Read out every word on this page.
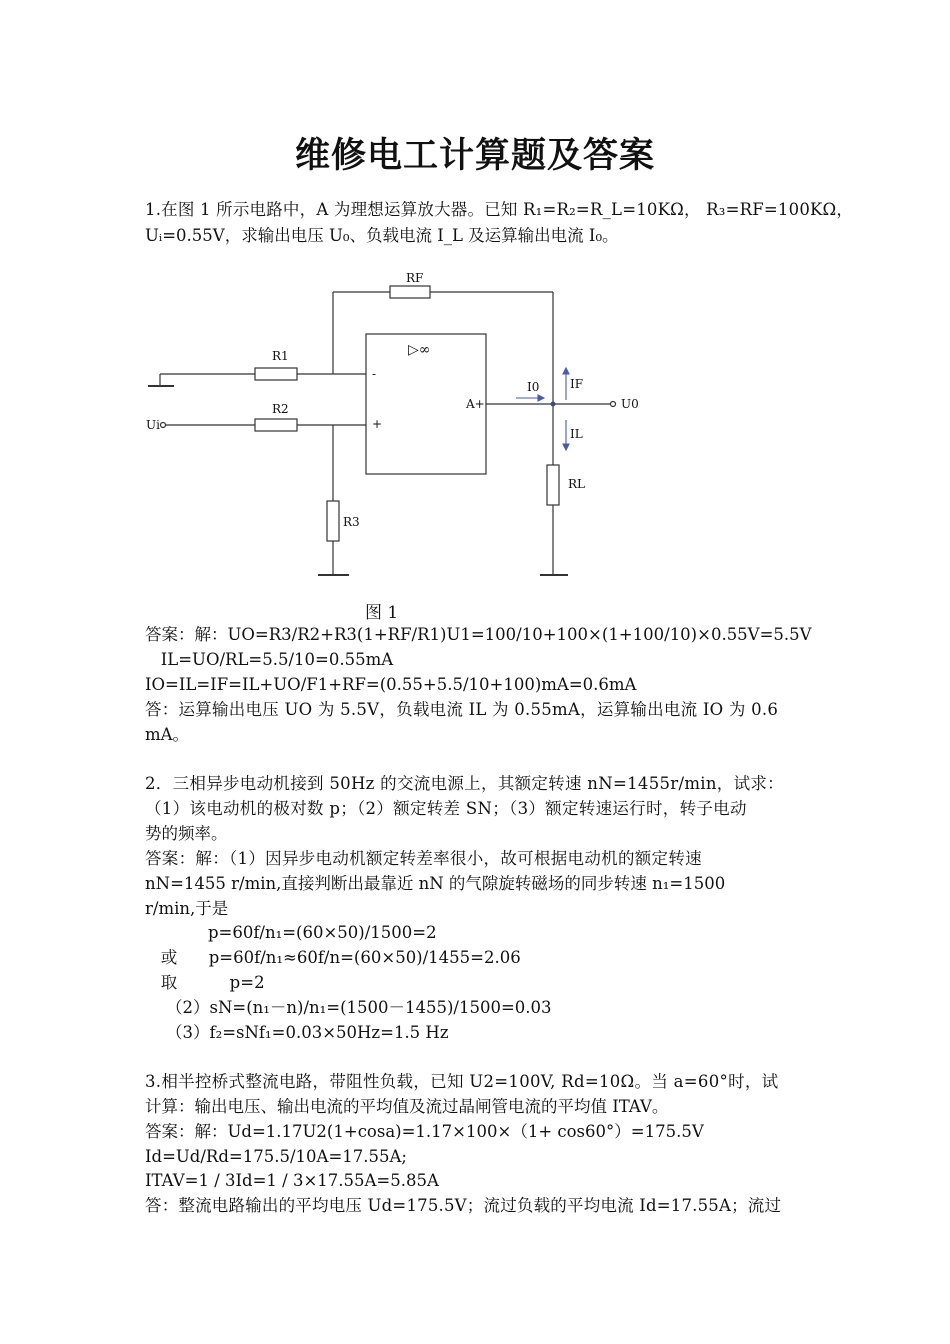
维修电工计算题及答案
1.在图 1 所示电路中，A 为理想运算放大器。已知 R₁=R₂=R_L=10KΩ， R₃=RF=100KΩ，
Uᵢ=0.55V，求输出电压 U₀、负载电流 I_L 及运算输出电流 I₀。
RF
R1
R2
R3
RL
▷∞
-
+
A+
I0	IF
IL
U0
Ui
图 1
答案：解：UO=R3/R2+R3(1+RF/R1)U1=100/10+100×(1+100/10)×0.55V=5.5V
IL=UO/RL=5.5/10=0.55mA
IO=IL=IF=IL+UO/F1+RF=(0.55+5.5/10+100)mA=0.6mA
答：运算输出电压 UO 为 5.5V，负载电流 IL 为 0.55mA，运算输出电流 IO 为 0.6
mA。
2．三相异步电动机接到 50Hz 的交流电源上，其额定转速 nN=1455r/min，试求：
（1）该电动机的极对数 p；（2）额定转差 SN；（3）额定转速运行时，转子电动
势的频率。
答案：解：（1）因异步电动机额定转差率很小，故可根据电动机的额定转速
nN=1455 r/min,直接判断出最靠近 nN 的气隙旋转磁场的同步转速 n₁=1500
r/min,于是
p=60f/n₁=(60×50)/1500=2
或      p=60f/n₁≈60f/n=(60×50)/1455=2.06
取          p=2
（2）sN=(n₁－n)/n₁=(1500－1455)/1500=0.03
（3）f₂=sNf₁=0.03×50Hz=1.5 Hz
3.相半控桥式整流电路，带阻性负载，已知 U2=100V, Rd=10Ω。当 a=60°时，试
计算：输出电压、输出电流的平均值及流过晶闸管电流的平均值 ITAV。
答案：解：Ud=1.17U2(1+cosa)=1.17×100×（1+ cos60°）=175.5V
Id=Ud/Rd=175.5/10A=17.55A;
ITAV=1 / 3Id=1 / 3×17.55A=5.85A
答：整流电路输出的平均电压 Ud=175.5V；流过负载的平均电流 Id=17.55A；流过
